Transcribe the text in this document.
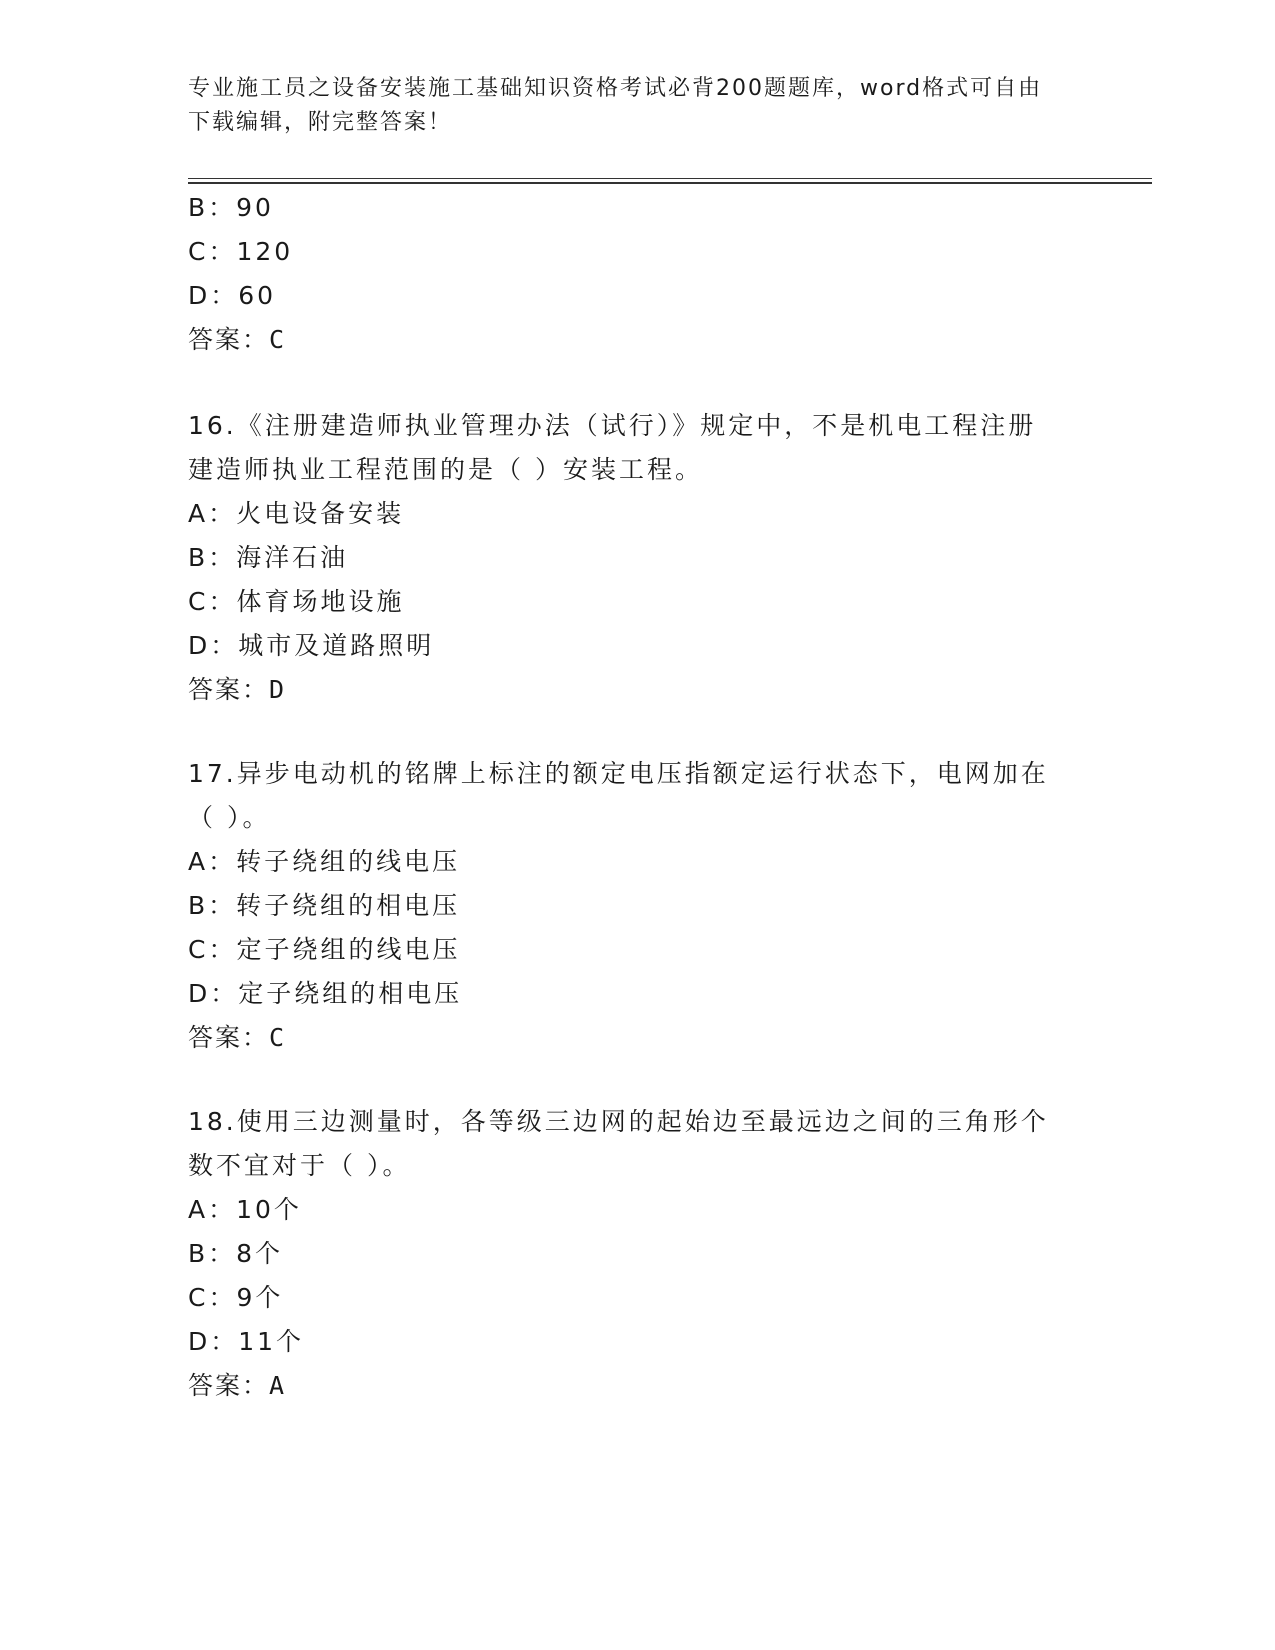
专业施工员之设备安装施工基础知识资格考试必背200题题库，word格式可自由
下载编辑，附完整答案！
B：90
C：120
D：60
答案：C
16.《注册建造师执业管理办法（试行）》规定中，不是机电工程注册
建造师执业工程范围的是（ ）安装工程。
A：火电设备安装
B：海洋石油
C：体育场地设施
D：城市及道路照明
答案：D
17.异步电动机的铭牌上标注的额定电压指额定运行状态下，电网加在
（ ）。
A：转子绕组的线电压
B：转子绕组的相电压
C：定子绕组的线电压
D：定子绕组的相电压
答案：C
18.使用三边测量时，各等级三边网的起始边至最远边之间的三角形个
数不宜对于（ ）。
A：10个
B：8个
C：9个
D：11个
答案：A
